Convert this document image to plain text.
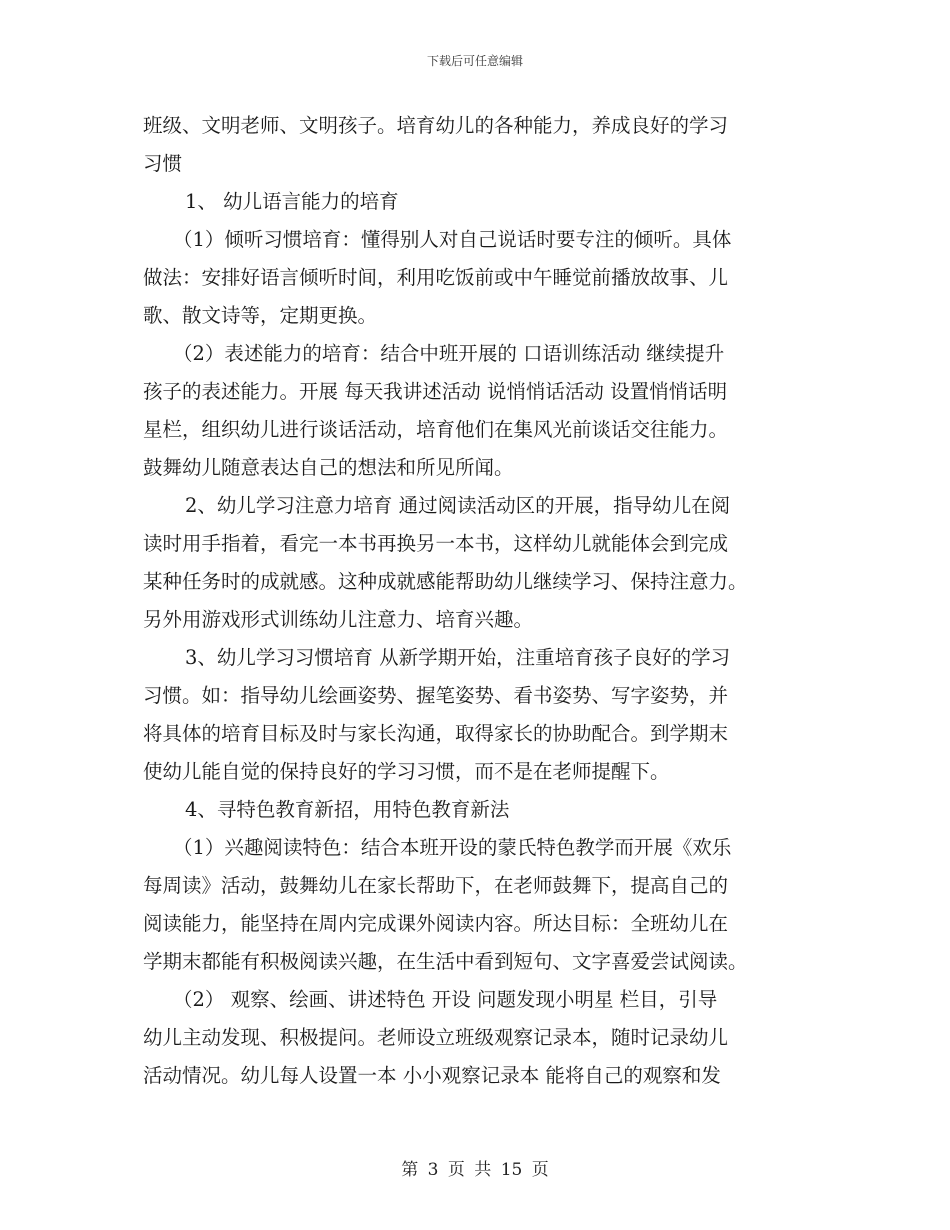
下载后可任意编辑
班级、文明老师、文明孩子。培育幼儿的各种能力，养成良好的学习
习惯
1、 幼儿语言能力的培育
（1）倾听习惯培育：懂得别人对自己说话时要专注的倾听。具体
做法：安排好语言倾听时间，利用吃饭前或中午睡觉前播放故事、儿
歌、散文诗等，定期更换。
（2）表述能力的培育：结合中班开展的 口语训练活动 继续提升
孩子的表述能力。开展 每天我讲述活动 说悄悄话活动 设置悄悄话明
星栏，组织幼儿进行谈话活动，培育他们在集风光前谈话交往能力。
鼓舞幼儿随意表达自己的想法和所见所闻。
2、幼儿学习注意力培育 通过阅读活动区的开展，指导幼儿在阅
读时用手指着，看完一本书再换另一本书，这样幼儿就能体会到完成
某种任务时的成就感。这种成就感能帮助幼儿继续学习、保持注意力。
另外用游戏形式训练幼儿注意力、培育兴趣。
3、幼儿学习习惯培育 从新学期开始，注重培育孩子良好的学习
习惯。如：指导幼儿绘画姿势、握笔姿势、看书姿势、写字姿势，并
将具体的培育目标及时与家长沟通，取得家长的协助配合。到学期末
使幼儿能自觉的保持良好的学习习惯，而不是在老师提醒下。
4、寻特色教育新招，用特色教育新法
（1）兴趣阅读特色：结合本班开设的蒙氏特色教学而开展《欢乐
每周读》活动，鼓舞幼儿在家长帮助下，在老师鼓舞下，提高自己的
阅读能力，能坚持在周内完成课外阅读内容。所达目标：全班幼儿在
学期末都能有积极阅读兴趣，在生活中看到短句、文字喜爱尝试阅读。
（2） 观察、绘画、讲述特色 开设 问题发现小明星 栏目，引导
幼儿主动发现、积极提问。老师设立班级观察记录本，随时记录幼儿
活动情况。幼儿每人设置一本 小小观察记录本 能将自己的观察和发
第 3 页 共 15 页
